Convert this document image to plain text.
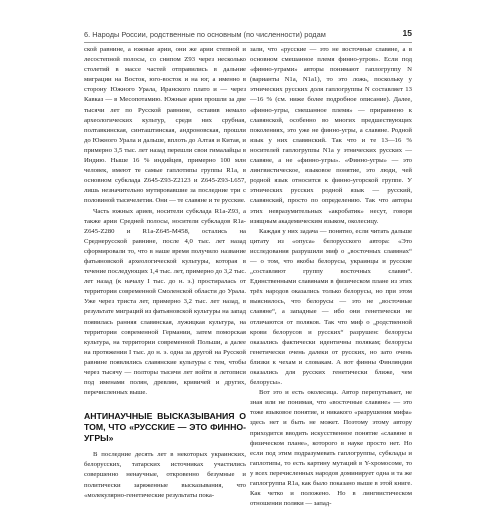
6. Народы России, родственные по основным (по численности) родам	15

ской равнине, а южные арии, они же арии степной и лесостепной полосы, со снипом Z93 через несколько столетий в массе частей отправились в дальние миграции на Восток, юго-восток и на юг, а именно в сторону Южного Урала, Иранского плато и — через Кавказ — в Месопотамию. Южные арии прошли за две тысячи лет по Русской равнине, оставив немало археологических культур, среди них срубная, полтавкинская, синташтинская, андроновская, прошли до Южного Урала и дальше, вплоть до Алтая и Китая, и примерно 3,5 тыс. лет назад перешли свои гималайцы в Индию. Ныше 16 % индийцев, примерно 100 млн человек, имеют те самые гаплотипы группы R1a, в основном субклада Z645-Z93-Z2123 и Z645-Z93-L657, лишь незначительно мутировавшие за последние три с половиной тысячелетия. Они — те славяне и те русские.

Часть южных ариев, носители субклада R1a-Z93, а также арии Средней полосы, носители субкладов R1a-Z645-Z280 и R1a-Z645-M458, остались на Среднерусской равнине, после 4,0 тыс. лет назад сформировали то, что в наше время получило название фатьяновской археологической культуры, которая в течение последующих 1,4 тыс. лет, примерно до 3,2 тыс. лет назад (к началу I тыс. до н. э.) простиралась от территории современной Смоленской области до Урала. Уже через триста лет, примерно 3,2 тыс. лет назад, в результате миграций из фатьяновской культуры на запад появилась ранняя славянская, лужицкая культура, на территории современной Германии, затем поморская культура, на территории современной Польши, а далее на протяжении I тыс. до н. э. одна за другой на Русской равнине появлялись славянские культуры с тем, чтобы через тысячу — полторы тысячи лет войти в летописи под именами полян, древлян, кривичей и других, перечисленных выше.

АНТИНАУЧНЫЕ ВЫСКАЗЫВАНИЯ О ТОМ, ЧТО «РУССКИЕ — ЭТО ФИННО-УГРЫ»

В последние десять лет в некоторых украинских, белорусских, татарских источниках участились совершенно ненаучные, откровенно безумные и политически заряженные высказывания, что «молекулярно-генетические результаты пока-

зали, что «русские — это не восточные славяне, а в основном смешанное племя финно-угров». Если под «финно-уграми» авторы понимают гаплогруппу N (варианты N1a, N1a1), то это ложь, поскольку у этнических русских доля гаплогруппы N составляет 13—16 % (см. ниже более подробное описание). Далее, «финно-угры, смешанное племя» — приравнено к славянской, особенно во многих предшествующих поколениях, это уже не финно-угры, а славяне. Родной язык у них славянский. Так что и те 13—16 % носителей гаплогруппы N1a у этнических русских — славяне, а не «финно-угры». «Финно-угры» — это лингвистическое, языковое понятие, это люди, чей родной язык относится к финно-угорской группе. У этнических русских родной язык — русский, славянский, просто по определению. Так что авторы этих невразумительных «акробатик» несут, говоря изящным академическим языком, околесицу.

Каждая у них задача — понятно, если читать дальше цитату из «опуса» белорусского автора: «Это исследования разрушили миф о „восточных славянах“ — о том, что якобы белорусы, украинцы и русские „составляют группу восточных славян“. Единственными славянами в физическом плане из этих трёх народов оказались только белорусы, но при этом выяснилось, что белорусы — это не „восточные славяне“, а западные — ибо они генетически не отличаются от поляков. Так что миф о „родственной крови белорусов и русских“ разрушен: белорусы оказались фактически идентичны полякам; белорусы генетически очень далеки от русских, но зато очень близки к чехам и словакам. А вот финны Финляндии оказались для русских генетически ближе, чем белорусы».

Вот это и есть околесица. Автор перепутывает, не зная или не понимая, что «восточные славяне» — это тоже языковое понятие, и никакого «разрушения мифа» здесь нет и быть не может. Поэтому этому автору приходится вводить искусственное понятие «славяне в физическом плане», которого в науке просто нет. Но если под этим подразумевать гаплогруппы, субклады и гаплотипы, то есть картину мутаций в Y-хромосоме, то у всех перечисленных народов доминирует одна и та же гаплогруппа R1a, как было показано выше в этой книге. Как четко и положено. Но в лингвистическом отношении поляки — запад-
